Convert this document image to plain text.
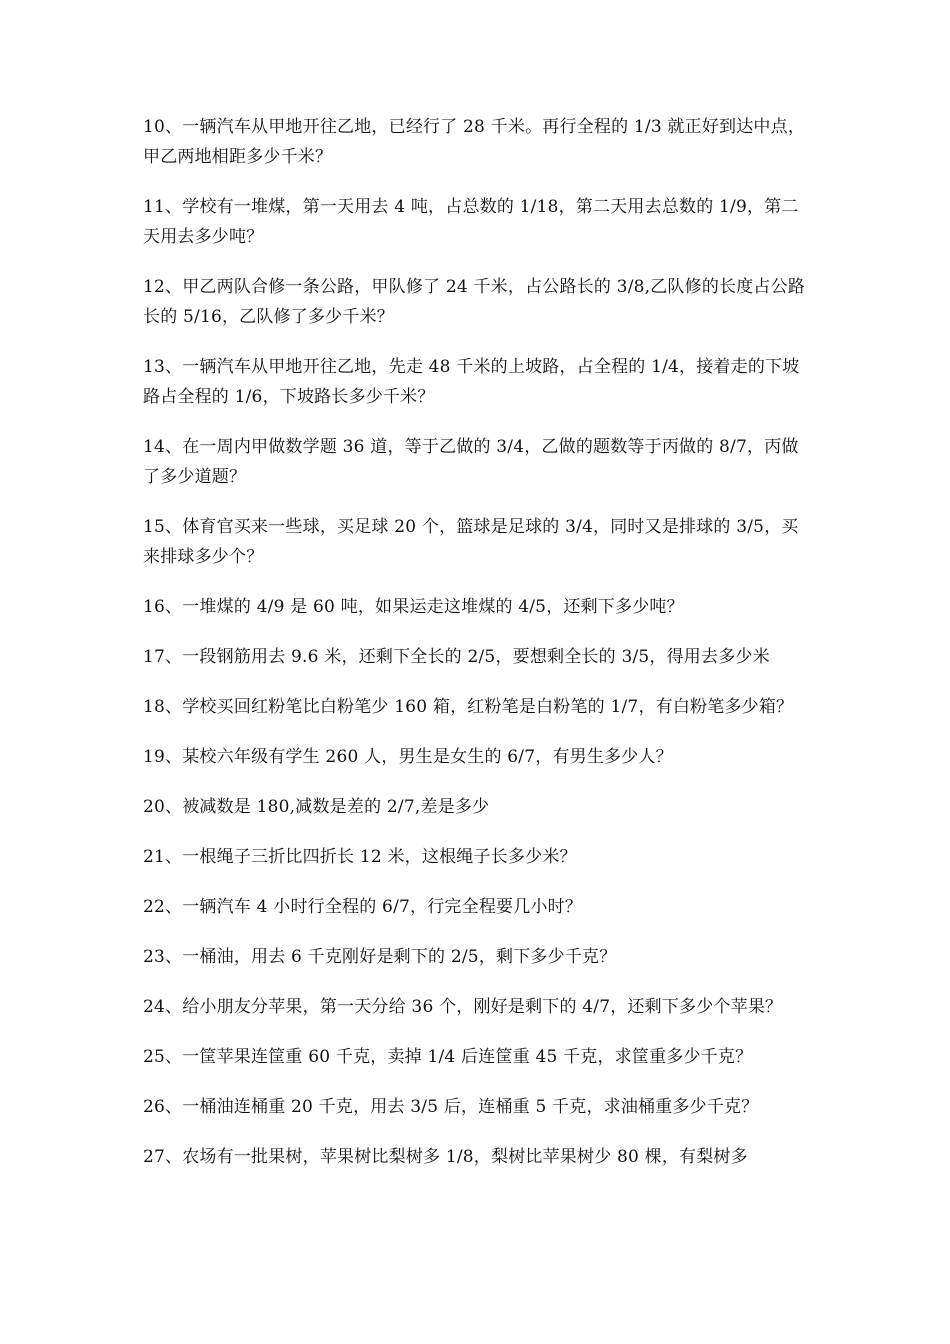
10、一辆汽车从甲地开往乙地，已经行了 28 千米。再行全程的 1/3 就正好到达中点，甲乙两地相距多少千米？
11、学校有一堆煤，第一天用去 4 吨，占总数的 1/18，第二天用去总数的 1/9，第二天用去多少吨？
12、甲乙两队合修一条公路，甲队修了 24 千米，占公路长的 3/8,乙队修的长度占公路长的 5/16，乙队修了多少千米？
13、一辆汽车从甲地开往乙地，先走 48 千米的上坡路，占全程的 1/4，接着走的下坡路占全程的 1/6，下坡路长多少千米？
14、在一周内甲做数学题 36 道，等于乙做的 3/4，乙做的题数等于丙做的 8/7，丙做了多少道题？
15、体育官买来一些球，买足球 20 个，篮球是足球的 3/4，同时又是排球的 3/5，买来排球多少个？
16、一堆煤的 4/9 是 60 吨，如果运走这堆煤的 4/5，还剩下多少吨？
17、一段钢筋用去 9.6 米，还剩下全长的 2/5，要想剩全长的 3/5，得用去多少米
18、学校买回红粉笔比白粉笔少 160 箱，红粉笔是白粉笔的 1/7，有白粉笔多少箱？
19、某校六年级有学生 260 人，男生是女生的 6/7，有男生多少人？
20、被减数是 180,减数是差的 2/7,差是多少
21、一根绳子三折比四折长 12 米，这根绳子长多少米？
22、一辆汽车 4 小时行全程的 6/7，行完全程要几小时？
23、一桶油，用去 6 千克刚好是剩下的 2/5，剩下多少千克？
24、给小朋友分苹果，第一天分给 36 个，刚好是剩下的 4/7，还剩下多少个苹果？
25、一筐苹果连筐重 60 千克，卖掉 1/4 后连筐重 45 千克，求筐重多少千克？
26、一桶油连桶重 20 千克，用去 3/5 后，连桶重 5 千克，求油桶重多少千克？
27、农场有一批果树，苹果树比梨树多 1/8，梨树比苹果树少 80 棵，有梨树多
